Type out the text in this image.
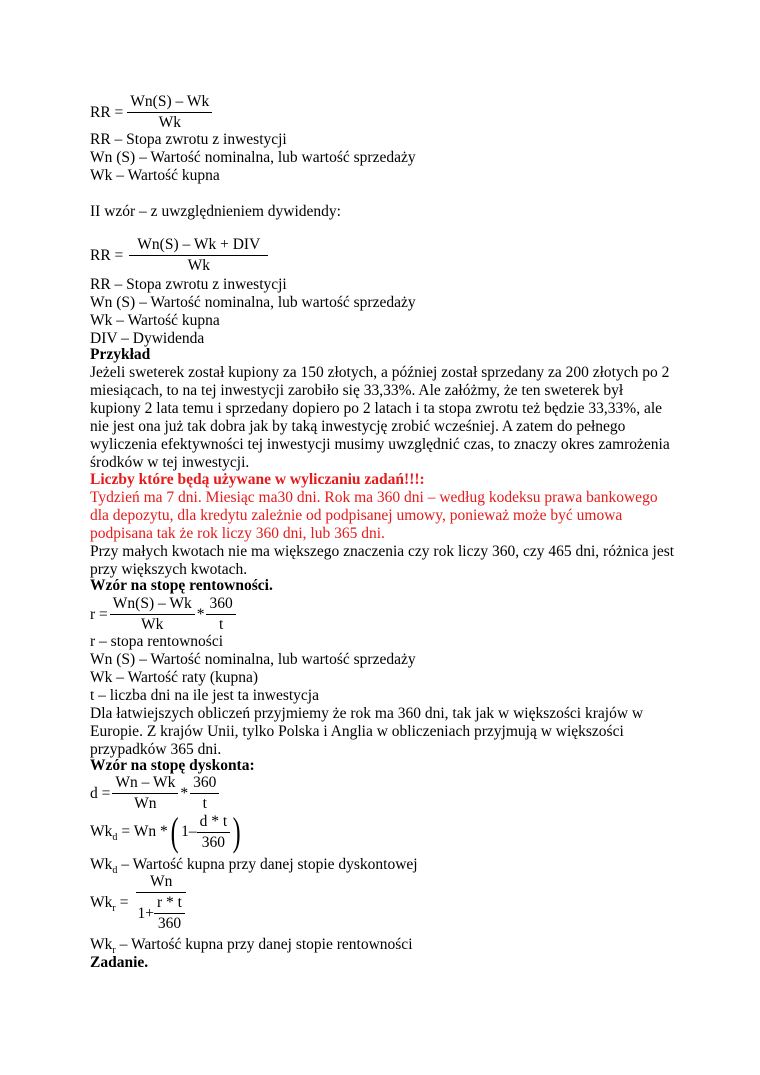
RR = $\frac{Wn(S) - Wk}{Wk}$
RR – Stopa zwrotu z inwestycji
Wn (S) – Wartość nominalna, lub wartość sprzedaży
Wk – Wartość kupna
II wzór – z uwzględnieniem dywidendy:
RR = $\frac{\text{Wn(S) – Wk + DIV}}{Wk}$
RR – Stopa zwrotu z inwestycji
Wn (S) – Wartość nominalna, lub wartość sprzedaży
Wk – Wartość kupna
DIV – Dywidenda
Przykład
Jeżeli sweterek został kupiony za 150 złotych, a później został sprzedany za 200 złotych po 2
miesiącach, to na tej inwestycji zarobiło się 33,33%. Ale załóżmy, że ten sweterek był
kupiony 2 lata temu i sprzedany dopiero po 2 latach i ta stopa zwrotu też będzie 33,33%, ale
nie jest ona już tak dobra jak by taką inwestycję zrobić wcześniej. A zatem do pełnego
wyliczenia efektywności tej inwestycji musimy uwzględnić czas, to znaczy okres zamrożenia
środków w tej inwestycji.
Liczby które będą używane w wyliczaniu zadań!!!:
Tydzień ma 7 dni. Miesiąc ma30 dni. Rok ma 360 dni – według kodeksu prawa bankowego
dla depozytu, dla kredytu zależnie od podpisanej umowy, ponieważ może być umowa
podpisana tak że rok liczy 360 dni, lub 365 dni.
Przy małych kwotach nie ma większego znaczenia czy rok liczy 360, czy 465 dni, różnica jest
przy większych kwotach.
Wzór na stopę rentowności.
$r = \frac{Wn(S) - Wk}{Wk} * \frac{360}{t}$
r – stopa rentowności
Wn (S) – Wartość nominalna, lub wartość sprzedaży
Wk – Wartość raty (kupna)
t – liczba dni na ile jest ta inwestycja
Dla łatwiejszych obliczeń przyjmiemy że rok ma 360 dni, tak jak w większości krajów w
Europie. Z krajów Unii, tylko Polska i Anglia w obliczeniach przyjmują w większości
przypadków 365 dni.
Wzór na stopę dyskonta:
$d = \frac{Wn - Wk}{Wn} * \frac{360}{t}$
$Wk_d = Wn$ * ( $1- \frac{d * t}{360}$ )
$Wk_d$ – Wartość kupna przy danej stopie dyskontowej
$Wk_r = \frac{Wn}{1+ \frac{r * t}{360}}$
$Wk_r$ – Wartość kupna przy danej stopie rentowności
Zadanie.
